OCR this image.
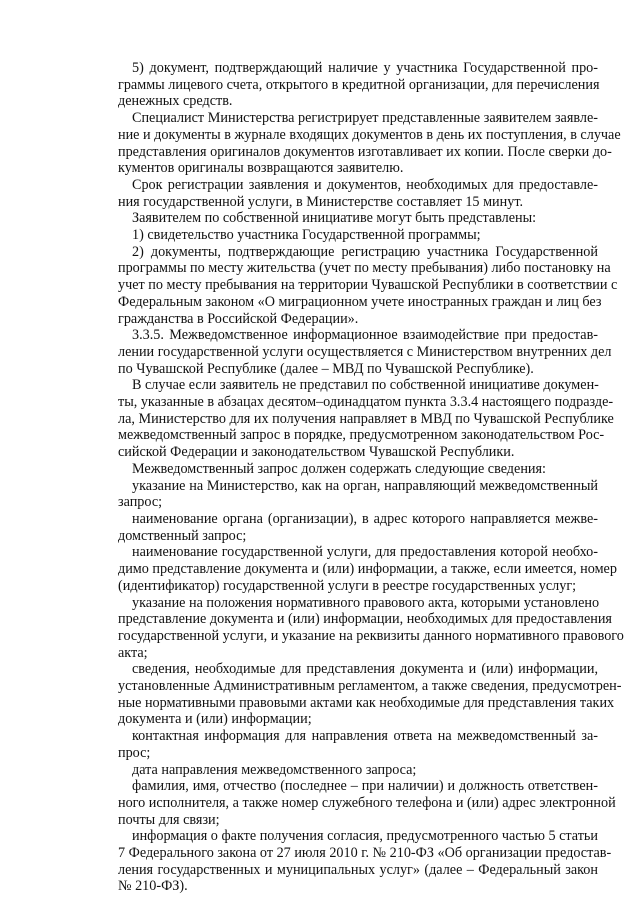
5) документ, подтверждающий наличие у участника Государственной про-
граммы лицевого счета, открытого в кредитной организации, для перечисления
денежных средств.
Специалист Министерства регистрирует представленные заявителем заявле-
ние и документы в журнале входящих документов в день их поступления, в случае
представления оригиналов документов изготавливает их копии. После сверки до-
кументов оригиналы возвращаются заявителю.
Срок регистрации заявления и документов, необходимых для предоставле-
ния государственной услуги, в Министерстве составляет 15 минут.
Заявителем по собственной инициативе могут быть представлены:
1) свидетельство участника Государственной программы;
2) документы, подтверждающие регистрацию участника Государственной
программы по месту жительства (учет по месту пребывания) либо постановку на
учет по месту пребывания на территории Чувашской Республики в соответствии с
Федеральным законом «О миграционном учете иностранных граждан и лиц без
гражданства в Российской Федерации».
3.3.5. Межведомственное информационное взаимодействие при предостав-
лении государственной услуги осуществляется с Министерством внутренних дел
по Чувашской Республике (далее – МВД по Чувашской Республике).
В случае если заявитель не представил по собственной инициативе докумен-
ты, указанные в абзацах десятом–одинадцатом пункта 3.3.4 настоящего подразде-
ла, Министерство для их получения направляет в МВД по Чувашской Республике
межведомственный запрос в порядке, предусмотренном законодательством Рос-
сийской Федерации и законодательством Чувашской Республики.
Межведомственный запрос должен содержать следующие сведения:
указание на Министерство, как на орган, направляющий межведомственный
запрос;
наименование органа (организации), в адрес которого направляется межве-
домственный запрос;
наименование государственной услуги, для предоставления которой необхо-
димо представление документа и (или) информации, а также, если имеется, номер
(идентификатор) государственной услуги в реестре государственных услуг;
указание на положения нормативного правового акта, которыми установлено
представление документа и (или) информации, необходимых для предоставления
государственной услуги, и указание на реквизиты данного нормативного правового
акта;
сведения, необходимые для представления документа и (или) информации,
установленные Административным регламентом, а также сведения, предусмотрен-
ные нормативными правовыми актами как необходимые для представления таких
документа и (или) информации;
контактная информация для направления ответа на межведомственный за-
прос;
дата направления межведомственного запроса;
фамилия, имя, отчество (последнее – при наличии) и должность ответствен-
ного исполнителя, а также номер служебного телефона и (или) адрес электронной
почты для связи;
информация о факте получения согласия, предусмотренного частью 5 статьи
7 Федерального закона от 27 июля 2010 г. № 210-ФЗ «Об организации предостав-
ления государственных и муниципальных услуг» (далее – Федеральный закон
№ 210-ФЗ).
